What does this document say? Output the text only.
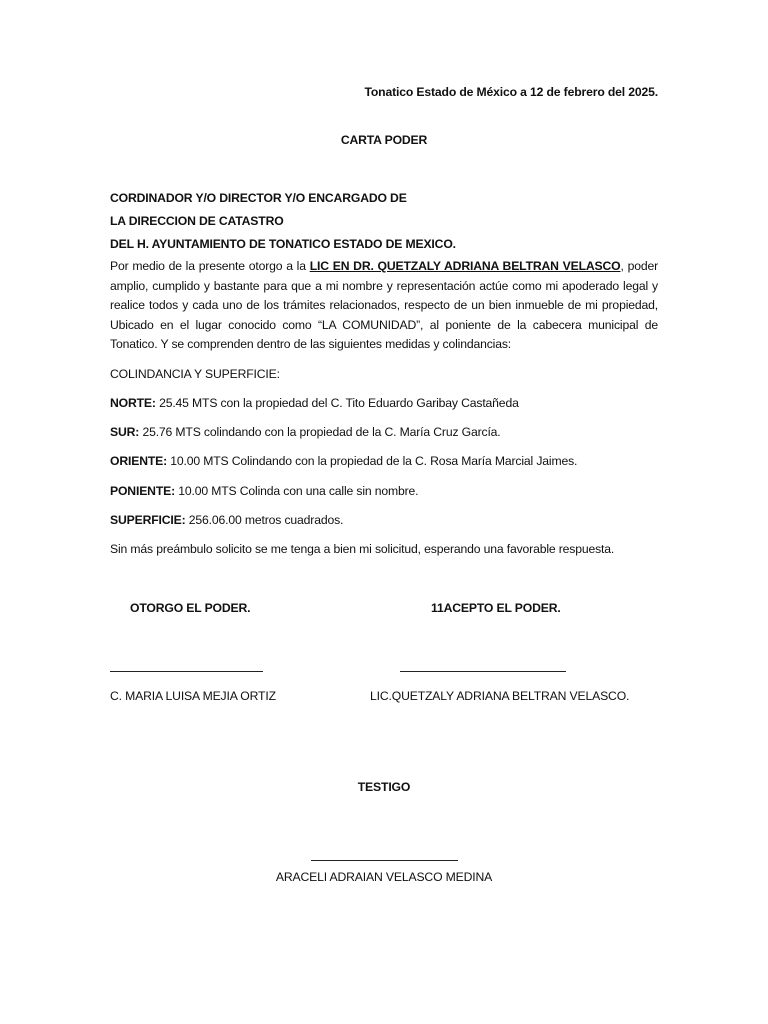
Tonatico Estado de México a 12 de febrero del 2025.
CARTA PODER
CORDINADOR Y/O DIRECTOR Y/O ENCARGADO DE
LA DIRECCION DE CATASTRO
DEL H. AYUNTAMIENTO DE TONATICO ESTADO DE MEXICO.
Por medio de la presente otorgo a la LIC EN DR. QUETZALY ADRIANA BELTRAN VELASCO, poder amplio, cumplido y bastante para que a mi nombre y representación actúe como mi apoderado legal y realice todos y cada uno de los trámites relacionados, respecto de un bien inmueble de mi propiedad, Ubicado en el lugar conocido como “LA COMUNIDAD”, al poniente de la cabecera municipal de Tonatico. Y se comprenden dentro de las siguientes medidas y colindancias:
COLINDANCIA Y SUPERFICIE:
NORTE: 25.45 MTS con la propiedad del C. Tito Eduardo Garibay Castañeda
SUR: 25.76 MTS colindando con la propiedad de la C. María Cruz García.
ORIENTE: 10.00 MTS Colindando con la propiedad de la C. Rosa María Marcial Jaimes.
PONIENTE: 10.00 MTS Colinda con una calle sin nombre.
SUPERFICIE: 256.06.00 metros cuadrados.
Sin más preámbulo solicito se me tenga a bien mi solicitud, esperando una favorable respuesta.
OTORGO EL PODER.	11ACEPTO EL PODER.
C. MARIA LUISA MEJIA ORTIZ	LIC.QUETZALY ADRIANA BELTRAN VELASCO.
TESTIGO
ARACELI ADRAIAN VELASCO MEDINA
